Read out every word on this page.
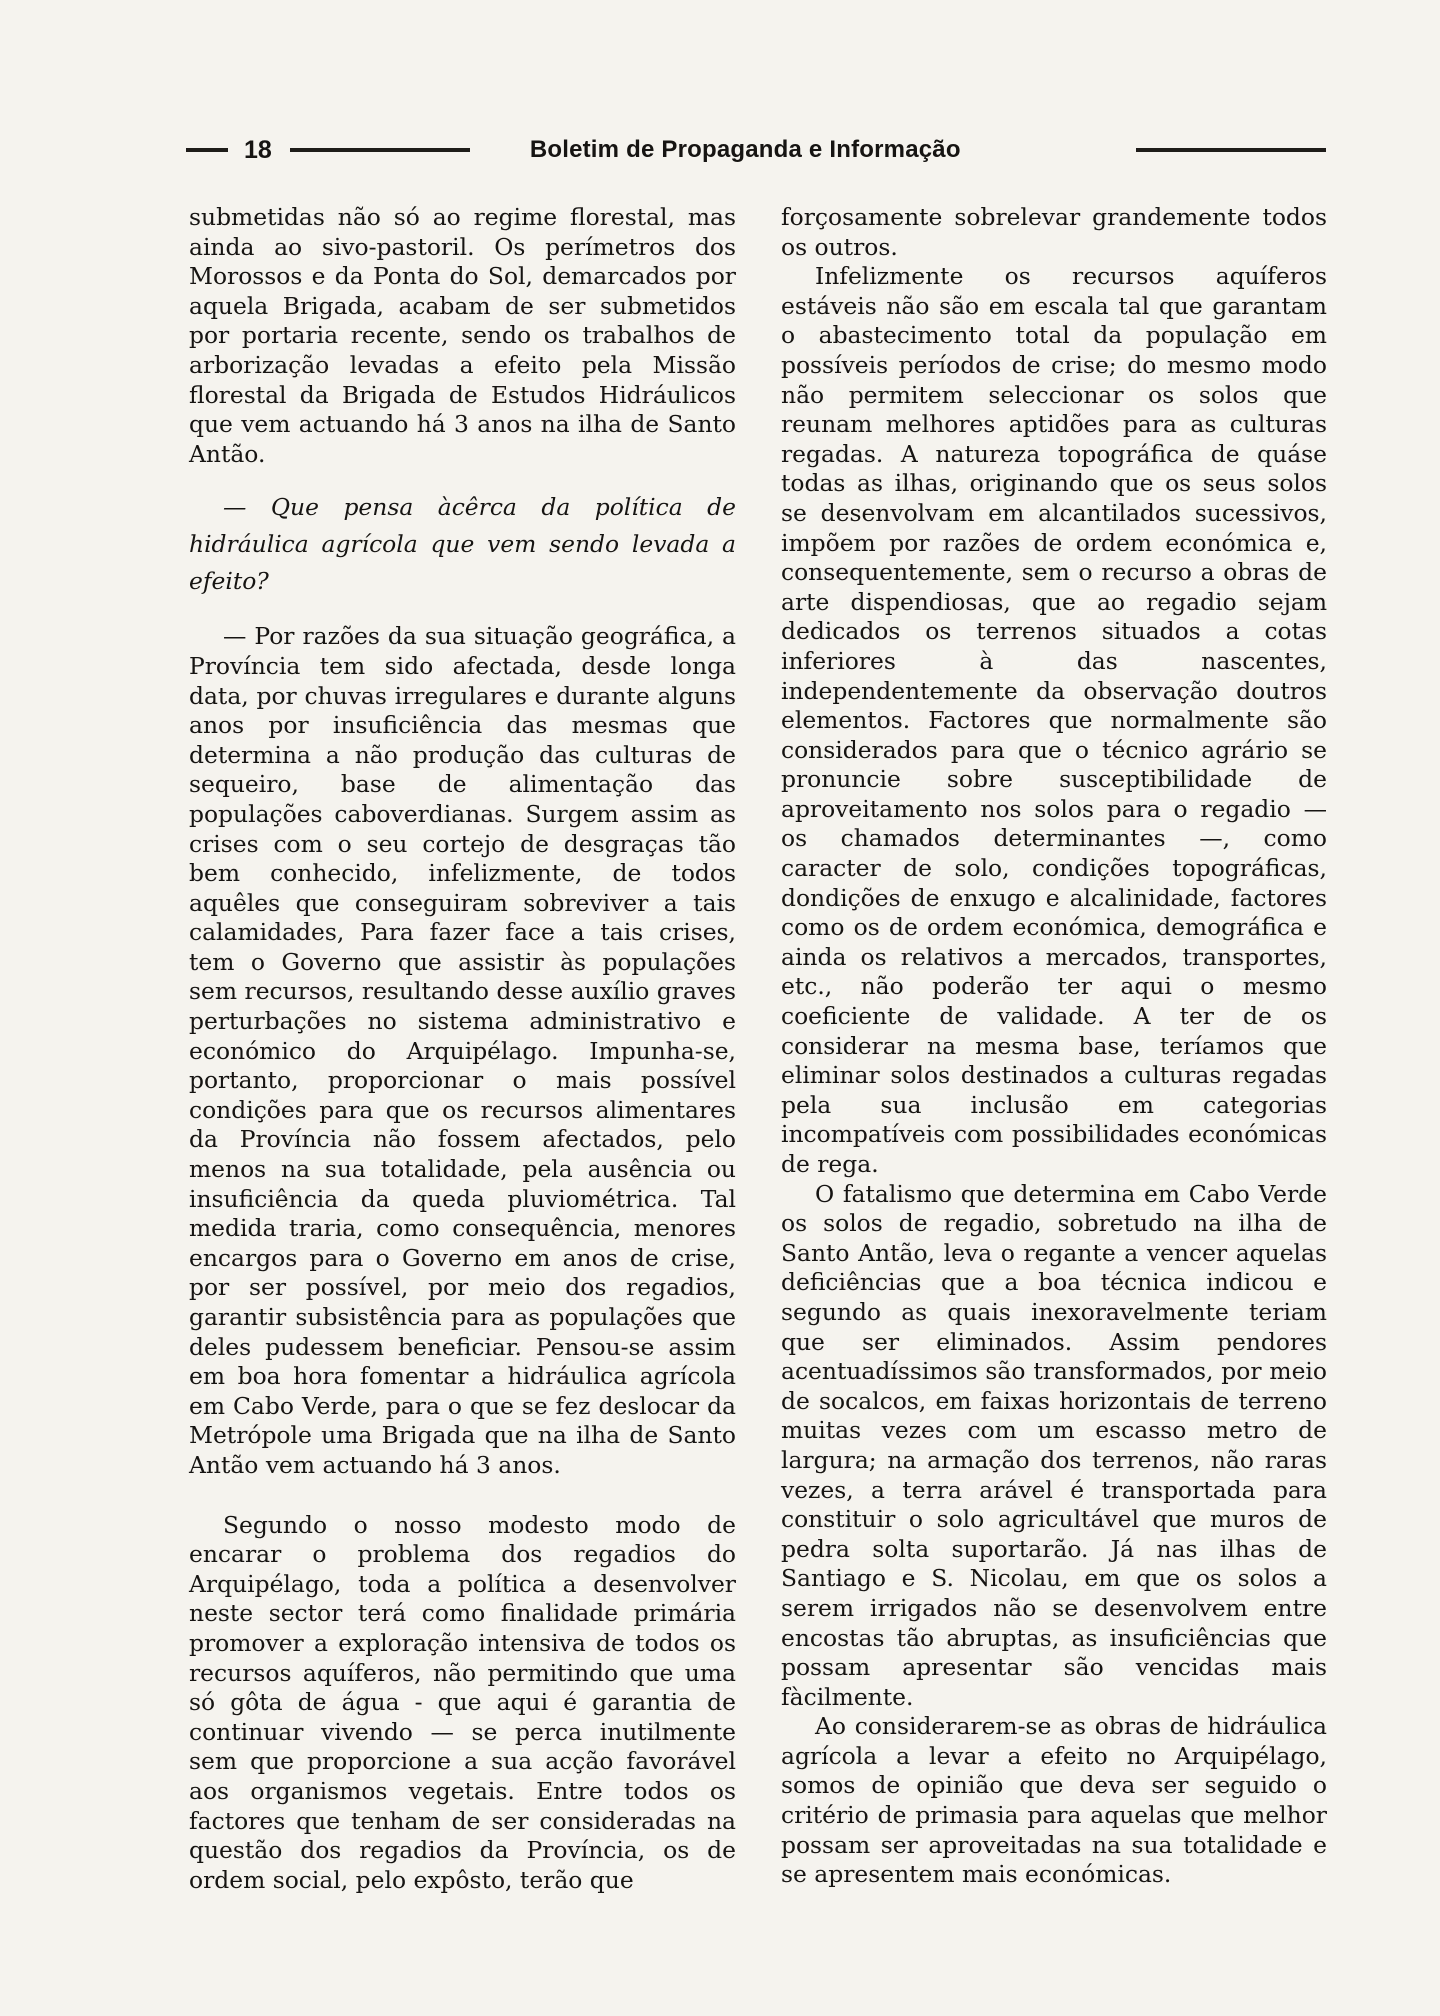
18	Boletim de Propaganda e Informação

submetidas não só ao regime florestal, mas ainda ao sivo-pastoril. Os perímetros dos Morossos e da Ponta do Sol, demarcados por aquela Brigada, acabam de ser submetidos por portaria recente, sendo os trabalhos de arborização levadas a efeito pela Missão florestal da Brigada de Estudos Hidráulicos que vem actuando há 3 anos na ilha de Santo Antão.

— Que pensa àcêrca da política de hidráulica agrícola que vem sendo levada a efeito?

— Por razões da sua situação geográfica, a Província tem sido afectada, desde longa data, por chuvas irregulares e durante alguns anos por insuficiência das mesmas que determina a não produção das culturas de sequeiro, base de alimentação das populações caboverdianas. Surgem assim as crises com o seu cortejo de desgraças tão bem conhecido, infelizmente, de todos aquêles que conseguiram sobreviver a tais calamidades, Para fazer face a tais crises, tem o Governo que assistir às populações sem recursos, resultando desse auxílio graves perturbações no sistema administrativo e económico do Arquipélago. Impunha-se, portanto, proporcionar o mais possível condições para que os recursos alimentares da Província não fossem afectados, pelo menos na sua totalidade, pela ausência ou insuficiência da queda pluviométrica. Tal medida traria, como consequência, menores encargos para o Governo em anos de crise, por ser possível, por meio dos regadios, garantir subsistência para as populações que deles pudessem beneficiar. Pensou-se assim em boa hora fomentar a hidráulica agrícola em Cabo Verde, para o que se fez deslocar da Metrópole uma Brigada que na ilha de Santo Antão vem actuando há 3 anos.

Segundo o nosso modesto modo de encarar o problema dos regadios do Arquipélago, toda a política a desenvolver neste sector terá como finalidade primária promover a exploração intensiva de todos os recursos aquíferos, não permitindo que uma só gôta de água - que aqui é garantia de continuar vivendo — se perca inutilmente sem que proporcione a sua acção favorável aos organismos vegetais. Entre todos os factores que tenham de ser consideradas na questão dos regadios da Província, os de ordem social, pelo expôsto, terão que

forçosamente sobrelevar grandemente todos os outros.

Infelizmente os recursos aquíferos estáveis não são em escala tal que garantam o abastecimento total da população em possíveis períodos de crise; do mesmo modo não permitem seleccionar os solos que reunam melhores aptidões para as culturas regadas. A natureza topográfica de quáse todas as ilhas, originando que os seus solos se desenvolvam em alcantilados sucessivos, impõem por razões de ordem económica e, consequentemente, sem o recurso a obras de arte dispendiosas, que ao regadio sejam dedicados os terrenos situados a cotas inferiores à das nascentes, independentemente da observação doutros elementos. Factores que normalmente são considerados para que o técnico agrário se pronuncie sobre susceptibilidade de aproveitamento nos solos para o regadio — os chamados determinantes —, como caracter de solo, condições topográficas, dondições de enxugo e alcalinidade, factores como os de ordem económica, demográfica e ainda os relativos a mercados, transportes, etc., não poderão ter aqui o mesmo coeficiente de validade. A ter de os considerar na mesma base, teríamos que eliminar solos destinados a culturas regadas pela sua inclusão em categorias incompatíveis com possibilidades económicas de rega.

O fatalismo que determina em Cabo Verde os solos de regadio, sobretudo na ilha de Santo Antão, leva o regante a vencer aquelas deficiências que a boa técnica indicou e segundo as quais inexoravelmente teriam que ser eliminados. Assim pendores acentuadíssimos são transformados, por meio de socalcos, em faixas horizontais de terreno muitas vezes com um escasso metro de largura; na armação dos terrenos, não raras vezes, a terra arável é transportada para constituir o solo agricultável que muros de pedra solta suportarão. Já nas ilhas de Santiago e S. Nicolau, em que os solos a serem irrigados não se desenvolvem entre encostas tão abruptas, as insuficiências que possam apresentar são vencidas mais fàcilmente.

Ao considerarem-se as obras de hidráulica agrícola a levar a efeito no Arquipélago, somos de opinião que deva ser seguido o critério de primasia para aquelas que melhor possam ser aproveitadas na sua totalidade e se apresentem mais económicas.
